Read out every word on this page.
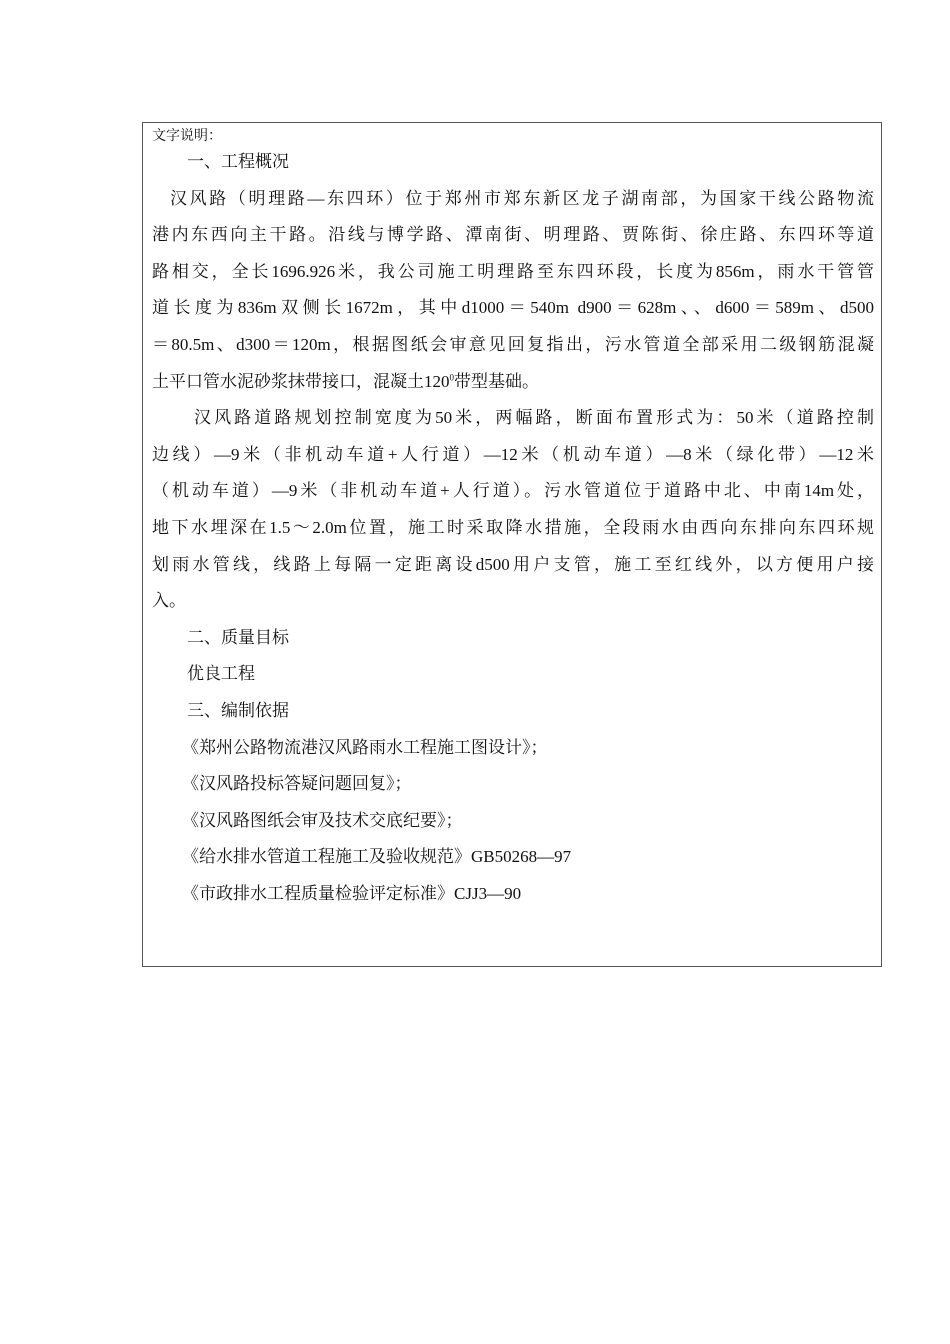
文字说明：
一、工程概况
汉风路（明理路—东四环）位于郑州市郑东新区龙子湖南部，为国家干线公路物流
港内东西向主干路。沿线与博学路、潭南街、明理路、贾陈街、徐庄路、东四环等道
路相交，全长1696.926米，我公司施工明理路至东四环段，长度为856m，雨水干管管
道长度为836m双侧长1672m，其中d1000＝540m d900＝628m、、d600＝589m、d500
＝80.5m、d300＝120m，根据图纸会审意见回复指出，污水管道全部采用二级钢筋混凝
土平口管水泥砂浆抹带接口，混凝土$120^0$带型基础。
汉风路道路规划控制宽度为50米，两幅路，断面布置形式为：50米（道路控制
边线）—9米（非机动车道+人行道）—12米（机动车道）—8米（绿化带）—12米
（机动车道）—9米（非机动车道+人行道）。污水管道位于道路中北、中南14m处，
地下水埋深在1.5～2.0m位置，施工时采取降水措施，全段雨水由西向东排向东四环规
划雨水管线，线路上每隔一定距离设d500用户支管，施工至红线外，以方便用户接
入。
二、质量目标
优良工程
三、编制依据
《郑州公路物流港汉风路雨水工程施工图设计》；
《汉风路投标答疑问题回复》；
《汉风路图纸会审及技术交底纪要》；
《给水排水管道工程施工及验收规范》GB50268—97
《市政排水工程质量检验评定标准》CJJ3—90
